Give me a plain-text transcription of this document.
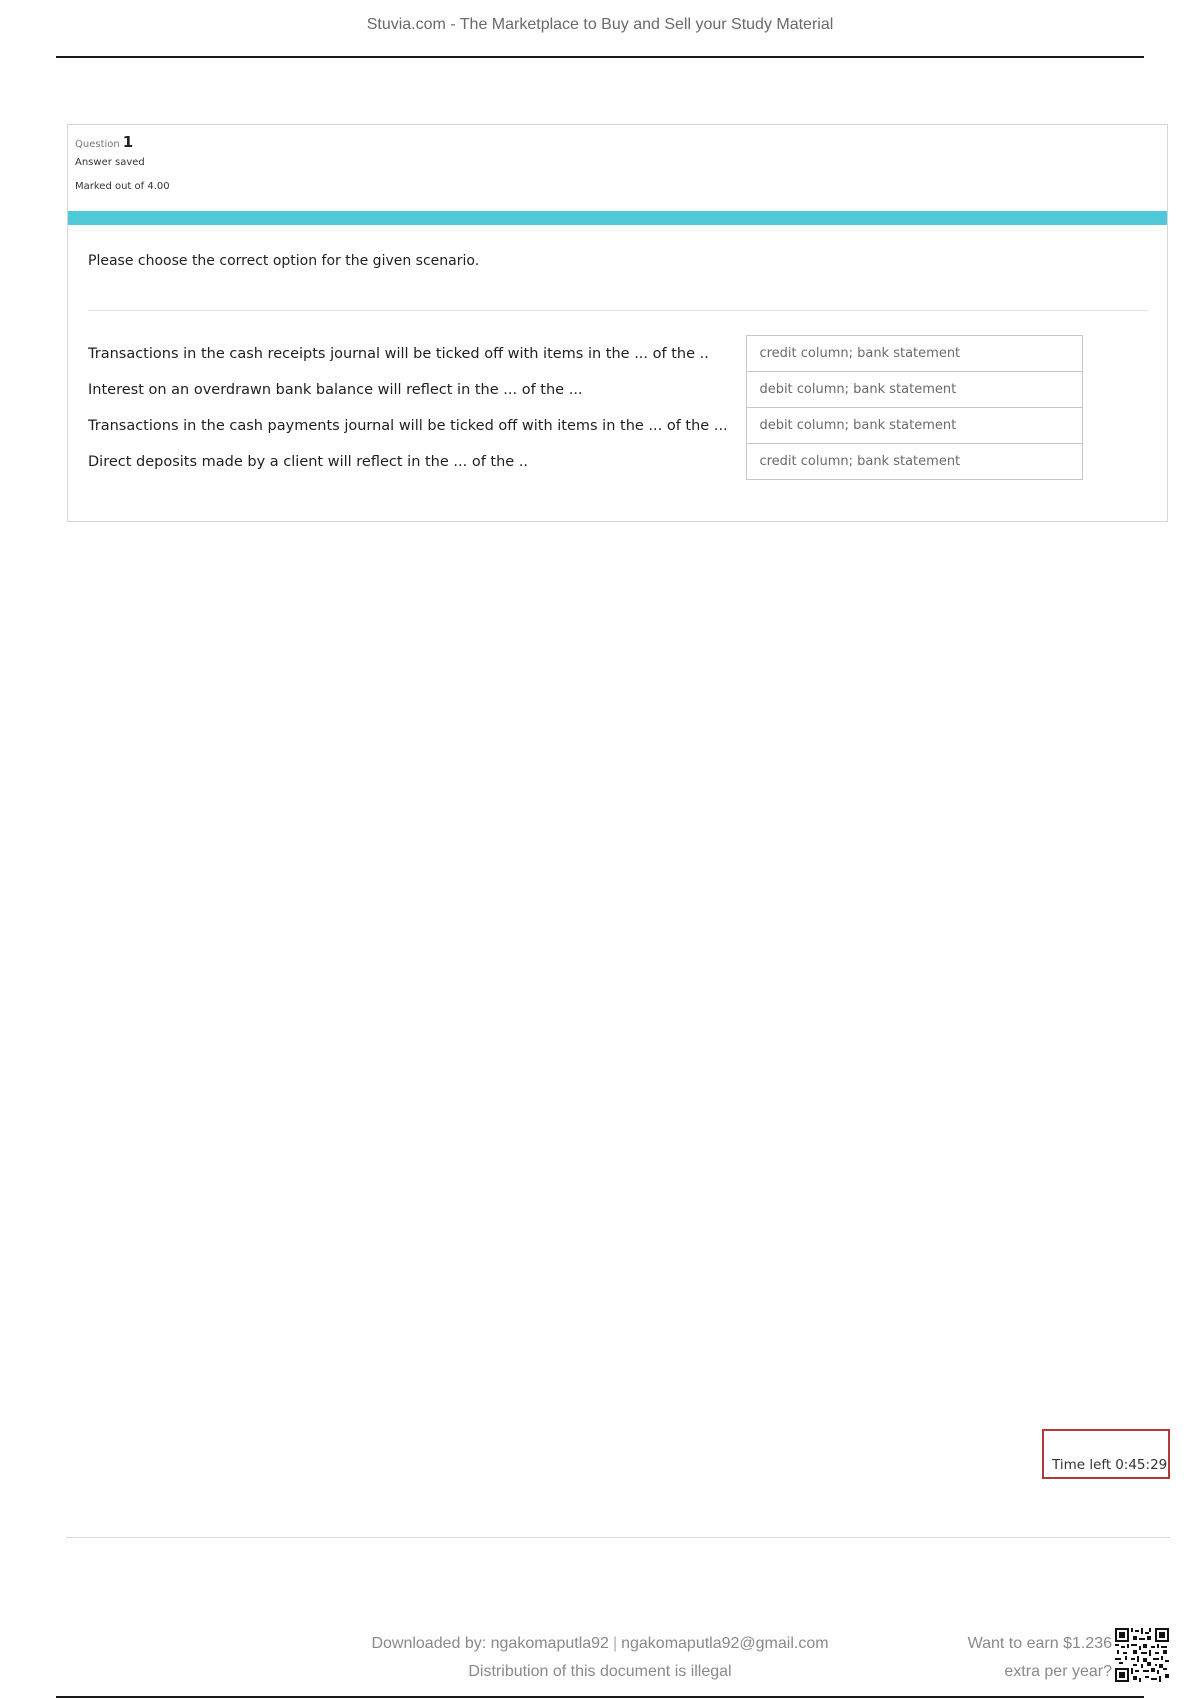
Stuvia.com - The Marketplace to Buy and Sell your Study Material
Question 1
Answer saved
Marked out of 4.00
Please choose the correct option for the given scenario.
Transactions in the cash receipts journal will be ticked off with items in the ... of the ..	credit column; bank statement

Interest on an overdrawn bank balance will reflect in the ... of the ...	debit column; bank statement

Transactions in the cash payments journal will be ticked off with items in the ... of the ...	debit column; bank statement

Direct deposits made by a client will reflect in the ... of the ..	credit column; bank statement
Time left 0:45:29
Downloaded by: ngakomaputla92 | ngakomaputla92@gmail.com
Distribution of this document is illegal
Want to earn $1.236
extra per year?
